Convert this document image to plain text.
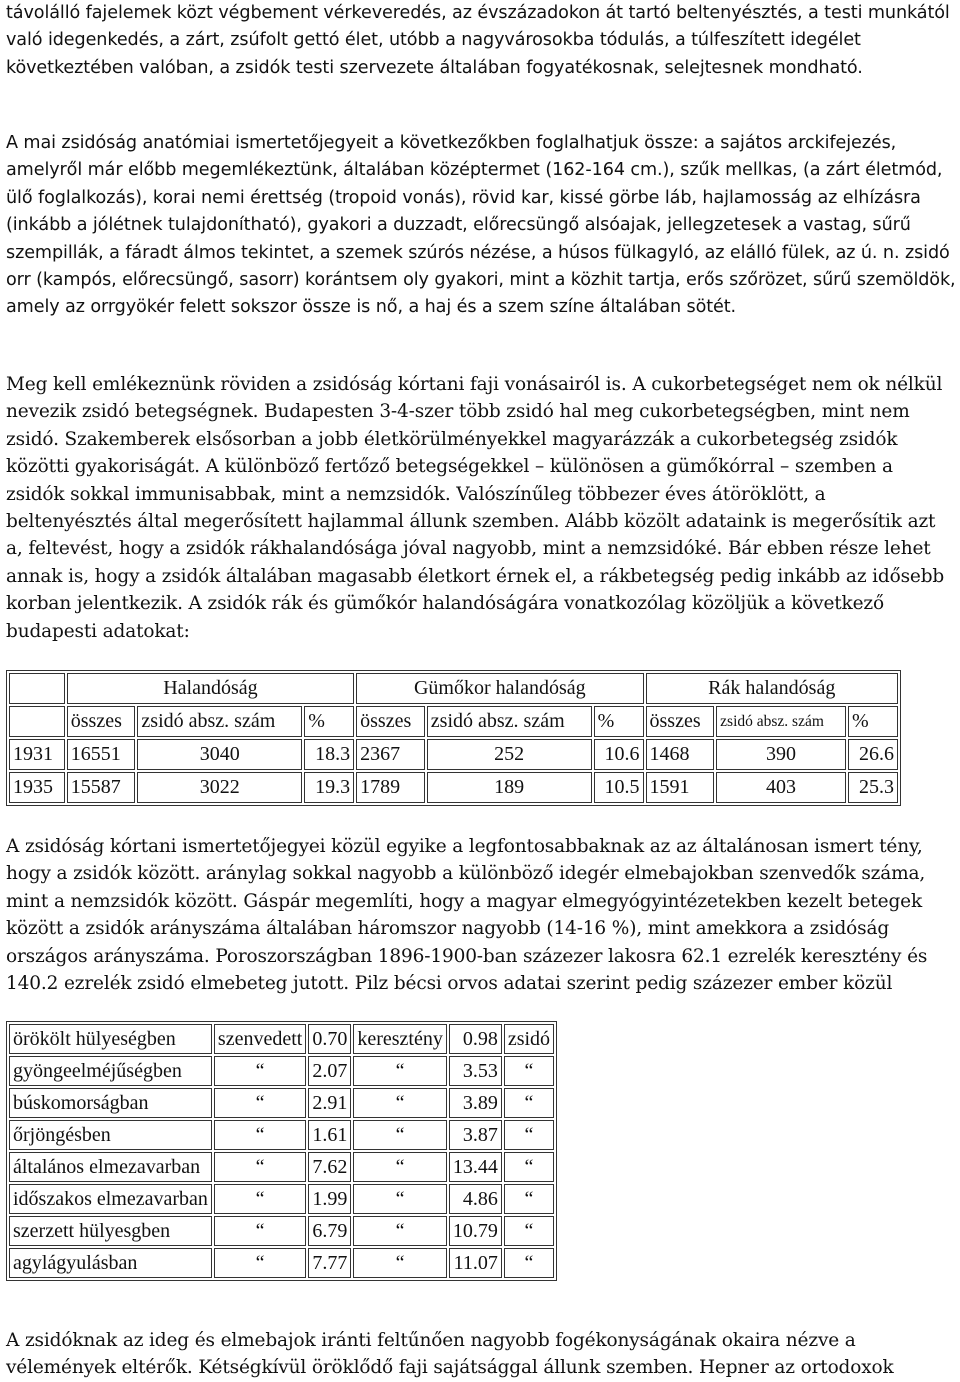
távolálló fajelemek közt végbement vérkeveredés, az évszázadokon át tartó beltenyésztés, a testi munkától való idegenkedés, a zárt, zsúfolt gettó élet, utóbb a nagyvárosokba tódulás, a túlfeszített idegélet következtében valóban, a zsidók testi szervezete általában fogyatékosnak, selejtesnek mondható.

A mai zsidóság anatómiai ismertetőjegyeit a következőkben foglalhatjuk össze: a sajátos arckifejezés, amelyről már előbb megemlékeztünk, általában középtermet (162-164 cm.), szűk mellkas, (a zárt életmód, ülő foglalkozás), korai nemi érettség (tropoid vonás), rövid kar, kissé görbe láb, hajlamosság az elhízásra (inkább a jólétnek tulajdonítható), gyakori a duzzadt, előrecsüngő alsóajak, jellegzetesek a vastag, sűrű szempillák, a fáradt álmos tekintet, a szemek szúrós nézése, a húsos fülkagyló, az elálló fülek, az ú. n. zsidó orr (kampós, előrecsüngő, sasorr) korántsem oly gyakori, mint a közhit tartja, erős szőrözet, sűrű szemöldök, amely az orrgyökér felett sokszor össze is nő, a haj és a szem színe általában sötét.

Meg kell emlékeznünk röviden a zsidóság kórtani faji vonásairól is. A cukorbetegséget nem ok nélkül nevezik zsidó betegségnek. Budapesten 3-4-szer több zsidó hal meg cukorbetegségben, mint nem zsidó. Szakemberek elsősorban a jobb életkörülményekkel magyarázzák a cukorbetegség zsidók közötti gyakoriságát. A különböző fertőző betegségekkel – különösen a gümőkórral – szemben a zsidók sokkal immunisabbak, mint a nemzsidók. Valószínűleg többezer éves átöröklött, a beltenyésztés által megerősített hajlammal állunk szemben. Alább közölt adataink is megerősítik azt a, feltevést, hogy a zsidók rákhalandósága jóval nagyobb, mint a nemzsidóké. Bár ebben része lehet annak is, hogy a zsidók általában magasabb életkort érnek el, a rákbetegség pedig inkább az idősebb korban jelentkezik. A zsidók rák és gümőkór halandóságára vonatkozólag közöljük a következő budapesti adatokat:

	Halandóság			Gümőkor halandóság			Rák halandóság		
	összes	zsidó absz. szám	%	összes	zsidó absz. szám	%	összes	zsidó absz. szám	%
1931	16551	3040	18.3	2367	252	10.6	1468	390	26.6
1935	15587	3022	19.3	1789	189	10.5	1591	403	25.3

A zsidóság kórtani ismertetőjegyei közül egyike a legfontosabbaknak az az általánosan ismert tény, hogy a zsidók között. aránylag sokkal nagyobb a különböző idegér elmebajokban szenvedők száma, mint a nemzsidók között. Gáspár megemlíti, hogy a magyar elmegyógyintézetekben kezelt betegek között a zsidók arányszáma általában háromszor nagyobb (14-16 %), mint amekkora a zsidóság országos arányszáma. Poroszországban 1896-1900-ban százezer lakosra 62.1 ezrelék keresztény és 140.2 ezrelék zsidó elmebeteg jutott. Pilz bécsi orvos adatai szerint pedig százezer ember közül

örökölt hülyeségben	szenvedett	0.70	keresztény	0.98	zsidó
gyöngeelméjűségben	“	2.07	“	3.53	“
búskomorságban	“	2.91	“	3.89	“
őrjöngésben	“	1.61	“	3.87	“
általános elmezavarban	“	7.62	“	13.44	“
időszakos elmezavarban	“	1.99	“	4.86	“
szerzett hülyesgben	“	6.79	“	10.79	“
agylágyulásban	“	7.77	“	11.07	“

A zsidóknak az ideg és elmebajok iránti feltűnően nagyobb fogékonyságának okaira nézve a vélemények eltérők. Kétségkívül öröklődő faji sajátsággal állunk szemben. Hepner az ortodoxok
